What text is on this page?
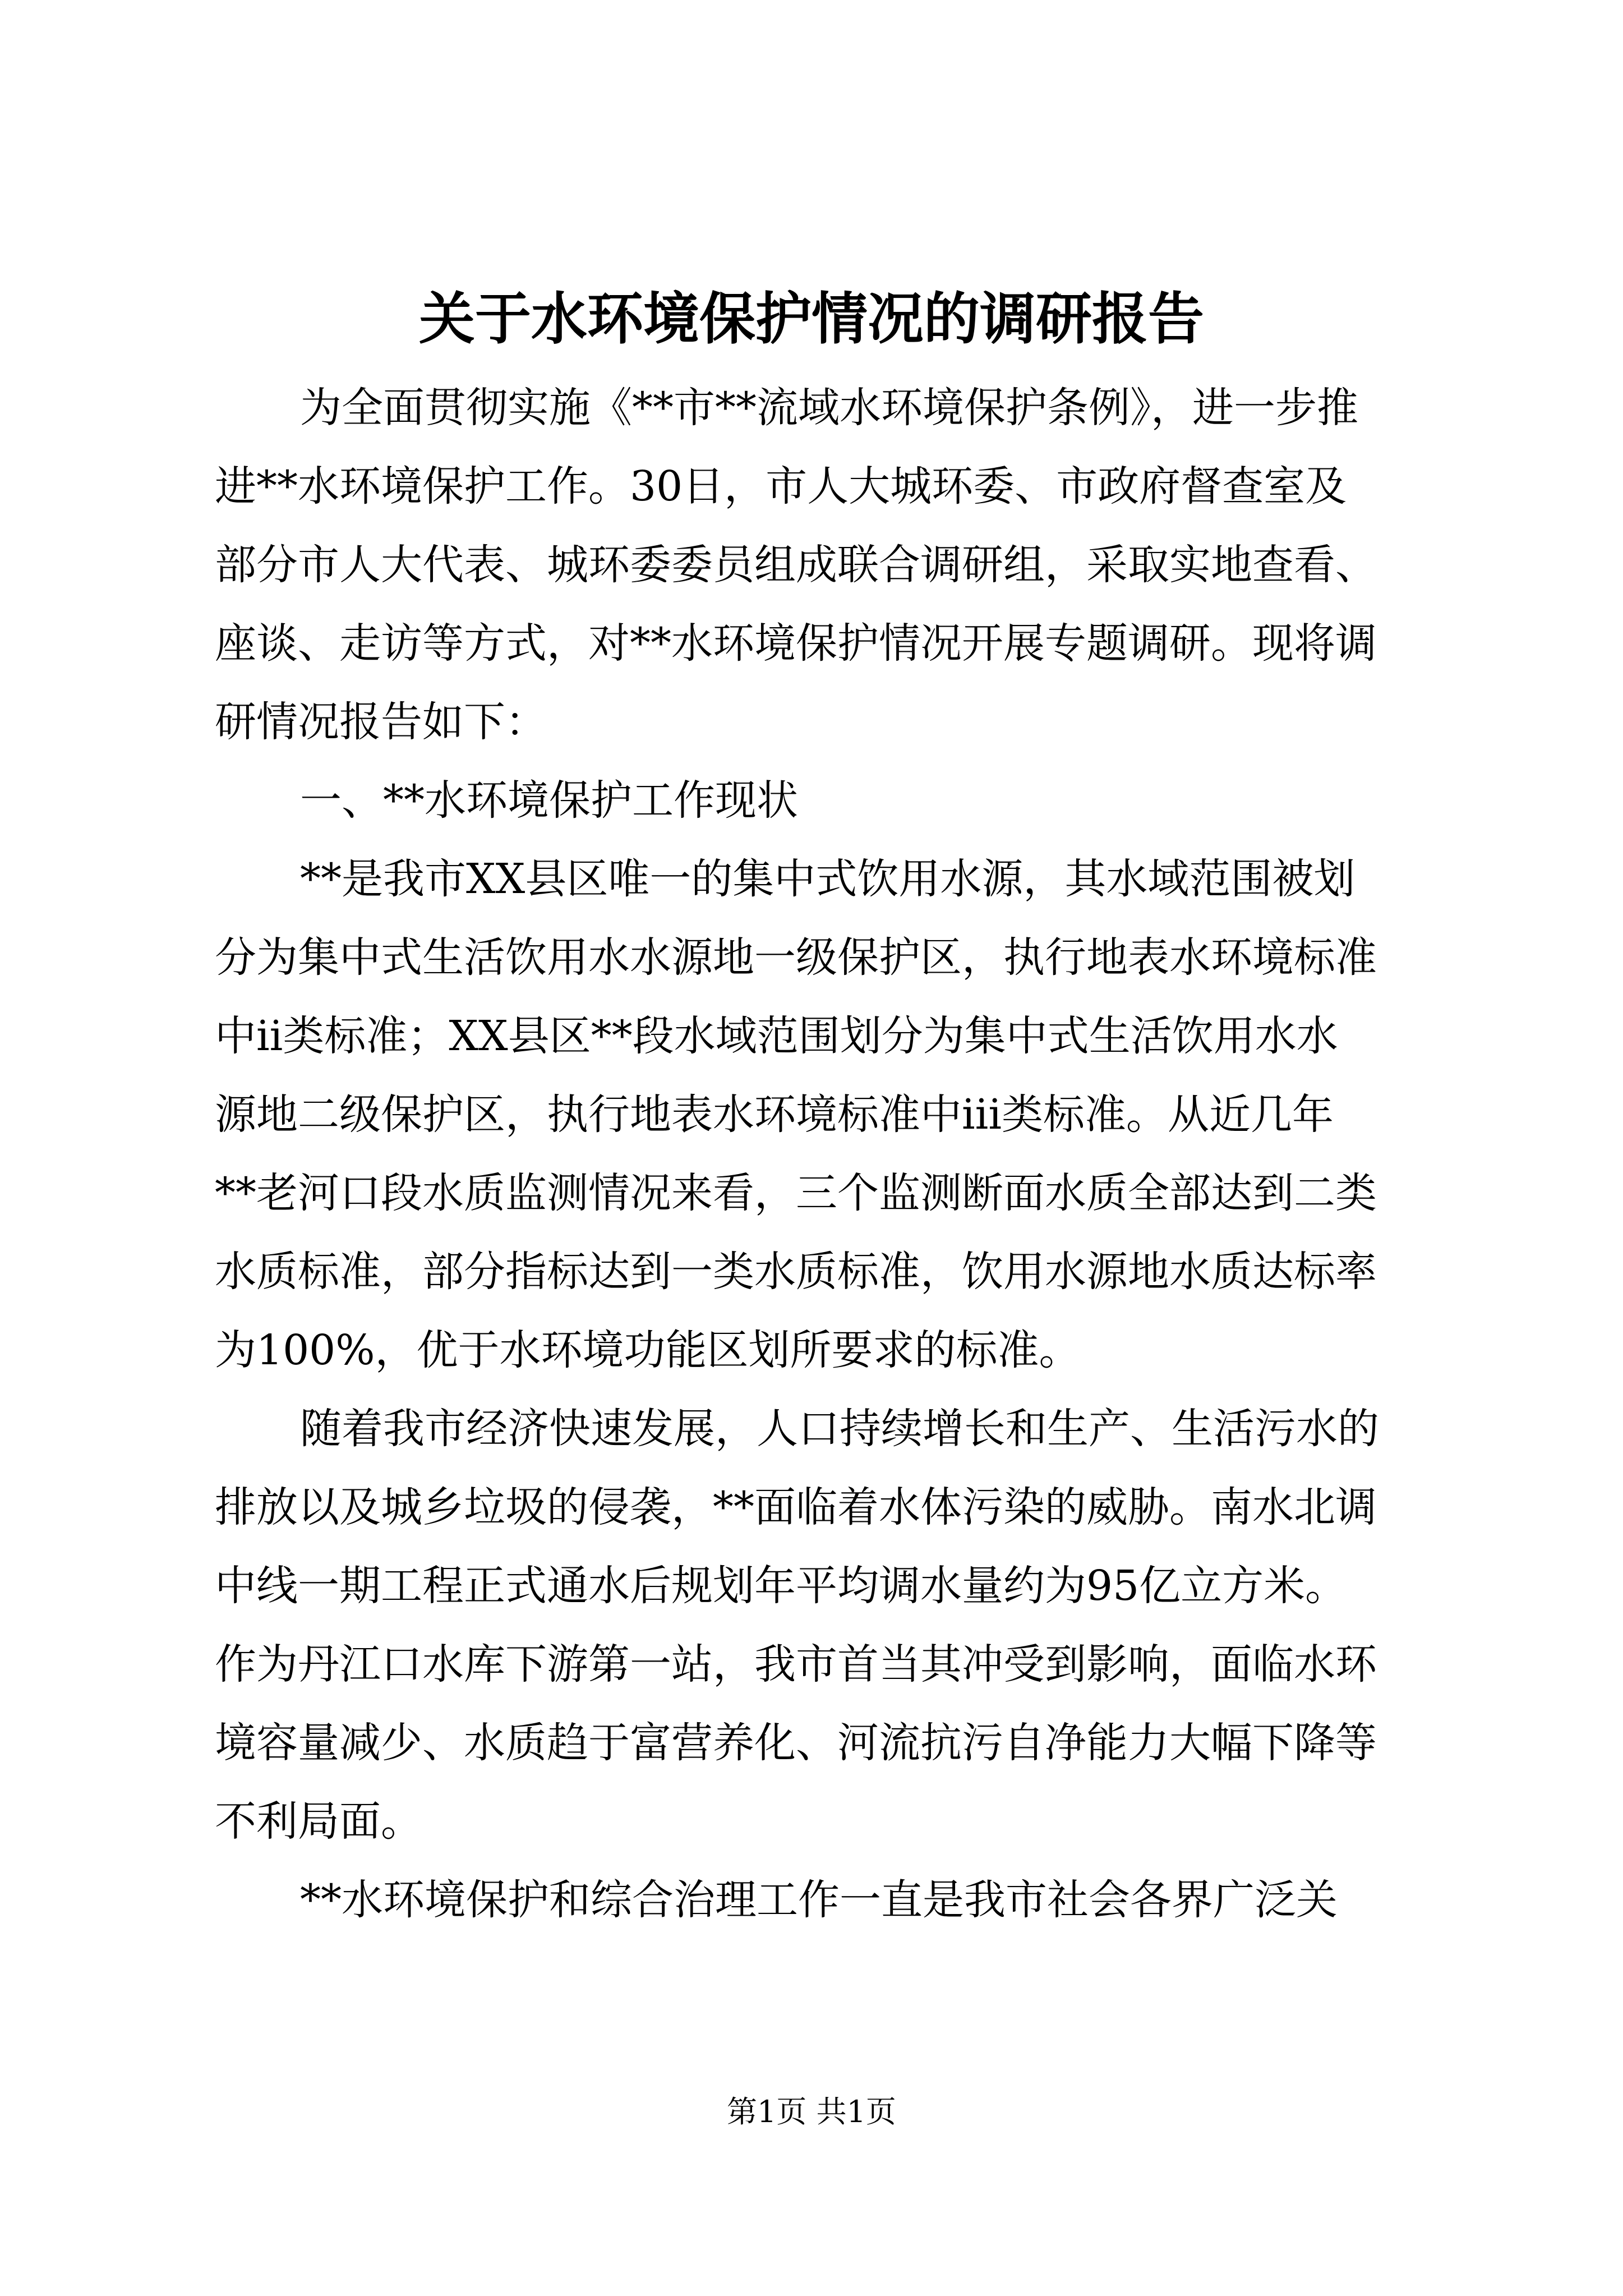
关于水环境保护情况的调研报告
为全面贯彻实施《**市**流域水环境保护条例》，进一步推
进**水环境保护工作。30日，市人大城环委、市政府督查室及
部分市人大代表、城环委委员组成联合调研组，采取实地查看、
座谈、走访等方式，对**水环境保护情况开展专题调研。现将调
研情况报告如下：
一、**水环境保护工作现状
**是我市XX县区唯一的集中式饮用水源，其水域范围被划
分为集中式生活饮用水水源地一级保护区，执行地表水环境标准
中ii类标准；XX县区**段水域范围划分为集中式生活饮用水水
源地二级保护区，执行地表水环境标准中iii类标准。从近几年
**老河口段水质监测情况来看，三个监测断面水质全部达到二类
水质标准，部分指标达到一类水质标准，饮用水源地水质达标率
为100%，优于水环境功能区划所要求的标准。
随着我市经济快速发展，人口持续增长和生产、生活污水的
排放以及城乡垃圾的侵袭，**面临着水体污染的威胁。南水北调
中线一期工程正式通水后规划年平均调水量约为95亿立方米。
作为丹江口水库下游第一站，我市首当其冲受到影响，面临水环
境容量减少、水质趋于富营养化、河流抗污自净能力大幅下降等
不利局面。
**水环境保护和综合治理工作一直是我市社会各界广泛关
第1页 共1页
